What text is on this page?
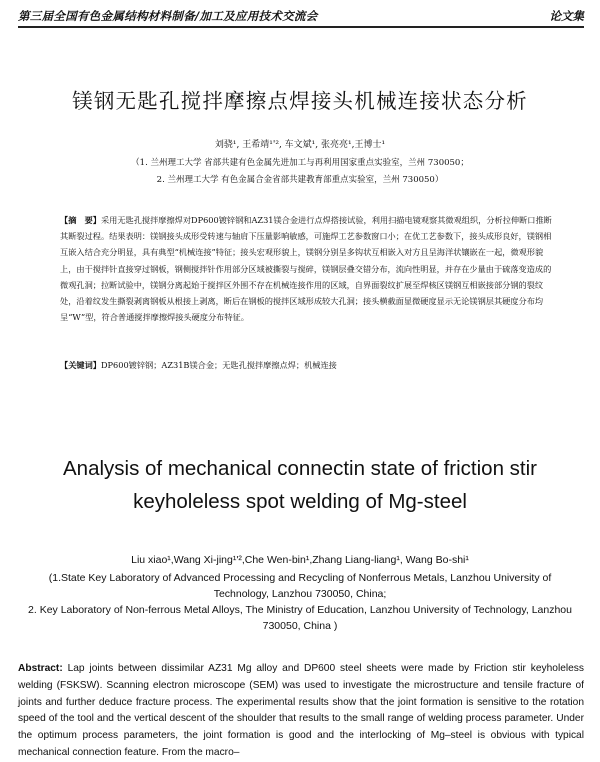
第三届全国有色金属结构材料制备/加工及应用技术交流会	论文集
镁钢无匙孔搅拌摩擦点焊接头机械连接状态分析
刘骁¹, 王希靖¹'², 车文斌¹, 张亮亮¹,王博士¹
（1. 兰州理工大学 省部共建有色金属先进加工与再利用国家重点实验室，兰州 730050；
2. 兰州理工大学 有色金属合金省部共建教育部重点实验室，兰州 730050）
【摘　要】采用无匙孔搅拌摩擦焊对DP600镀锌钢和AZ31镁合金进行点焊搭接试验，利用扫描电镜观察其微观组织，分析拉伸断口推断其断裂过程。结果表明：镁钢接头成形受转速与轴肩下压量影响敏感，可施焊工艺参数窗口小；在优工艺参数下，接头成形良好，镁钢相互嵌入结合充分明显，具有典型“机械连接”特征；接头宏观形貌上，镁钢分别呈多钩状互相嵌入对方且呈海洋状镶嵌在一起，微观形貌上，由于搅拌针直接穿过钢板，钢侧搅拌针作用部分区域被撕裂与搅碎，镁钢层叠交错分布，流向性明显，并存在少量由于硫落变造成的微观孔洞；拉断试验中，镁钢分离起始于搅拌区外围不存在机械连接作用的区域，自界面裂纹扩展至焊核区镁钢互相嵌接部分钢的裂纹处，沿着纹发生撕裂剥离钢板从根接上剥离，断后在钢板的搅拌区域形成较大孔洞；接头横截面显微硬度显示无论镁钢层其硬度分布均呈“W”型，符合普通搅拌摩擦焊接头硬度分布特征。
【关键词】DP600镀锌钢；AZ31B镁合金；无匙孔搅拌摩擦点焊；机械连接
Analysis of mechanical connectin state of friction stir
keyholeless spot welding of Mg-steel
Liu xiao¹,Wang Xi-jing¹'²,Che Wen-bin¹,Zhang Liang-liang¹, Wang Bo-shi¹
(1.State Key Laboratory of Advanced Processing and Recycling of Nonferrous Metals, Lanzhou University of Technology, Lanzhou 730050, China;
2. Key Laboratory of Non-ferrous Metal Alloys, The Ministry of Education, Lanzhou University of Technology, Lanzhou 730050, China )
Abstract: Lap joints between dissimilar AZ31 Mg alloy and DP600 steel sheets were made by Friction stir keyholeless welding (FSKSW). Scanning electron microscope (SEM) was used to investigate the microstructure and tensile fracture of joints and further deduce fracture process. The experimental results show that the joint formation is sensitive to the rotation speed of the tool and the vertical descent of the shoulder that results to the small range of welding process parameter. Under the optimum process parameters, the joint formation is good and the interlocking of Mg–steel is obvious with typical mechanical connection feature. From the macro–
